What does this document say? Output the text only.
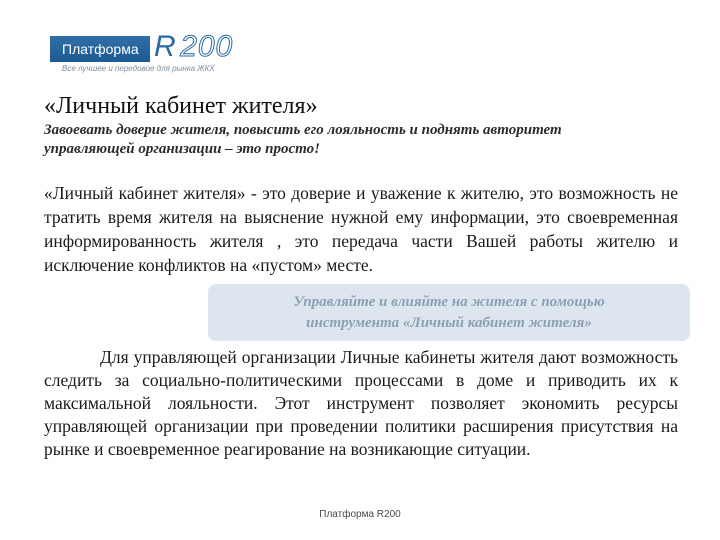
Платформа R  200
Все лучшее и передовое для рынка ЖКХ
«Личный кабинет жителя»
Завоевать доверие жителя, повысить его лояльность и поднять авторитет управляющей организации – это просто!
«Личный кабинет жителя» - это доверие и уважение к жителю, это возможность не тратить время жителя на выяснение нужной ему информации, это своевременная информированность жителя , это передача части Вашей работы жителю и исключение конфликтов на «пустом» месте.
Управляйте и влияйте на жителя с помощью
инструмента «Личный кабинет жителя»
Для управляющей организации Личные кабинеты жителя дают возможность следить за социально-политическими процессами в доме и приводить их к максимальной лояльности. Этот инструмент позволяет экономить ресурсы управляющей организации при проведении политики расширения присутствия на рынке и своевременное реагирование на возникающие ситуации.
Платформа R200
